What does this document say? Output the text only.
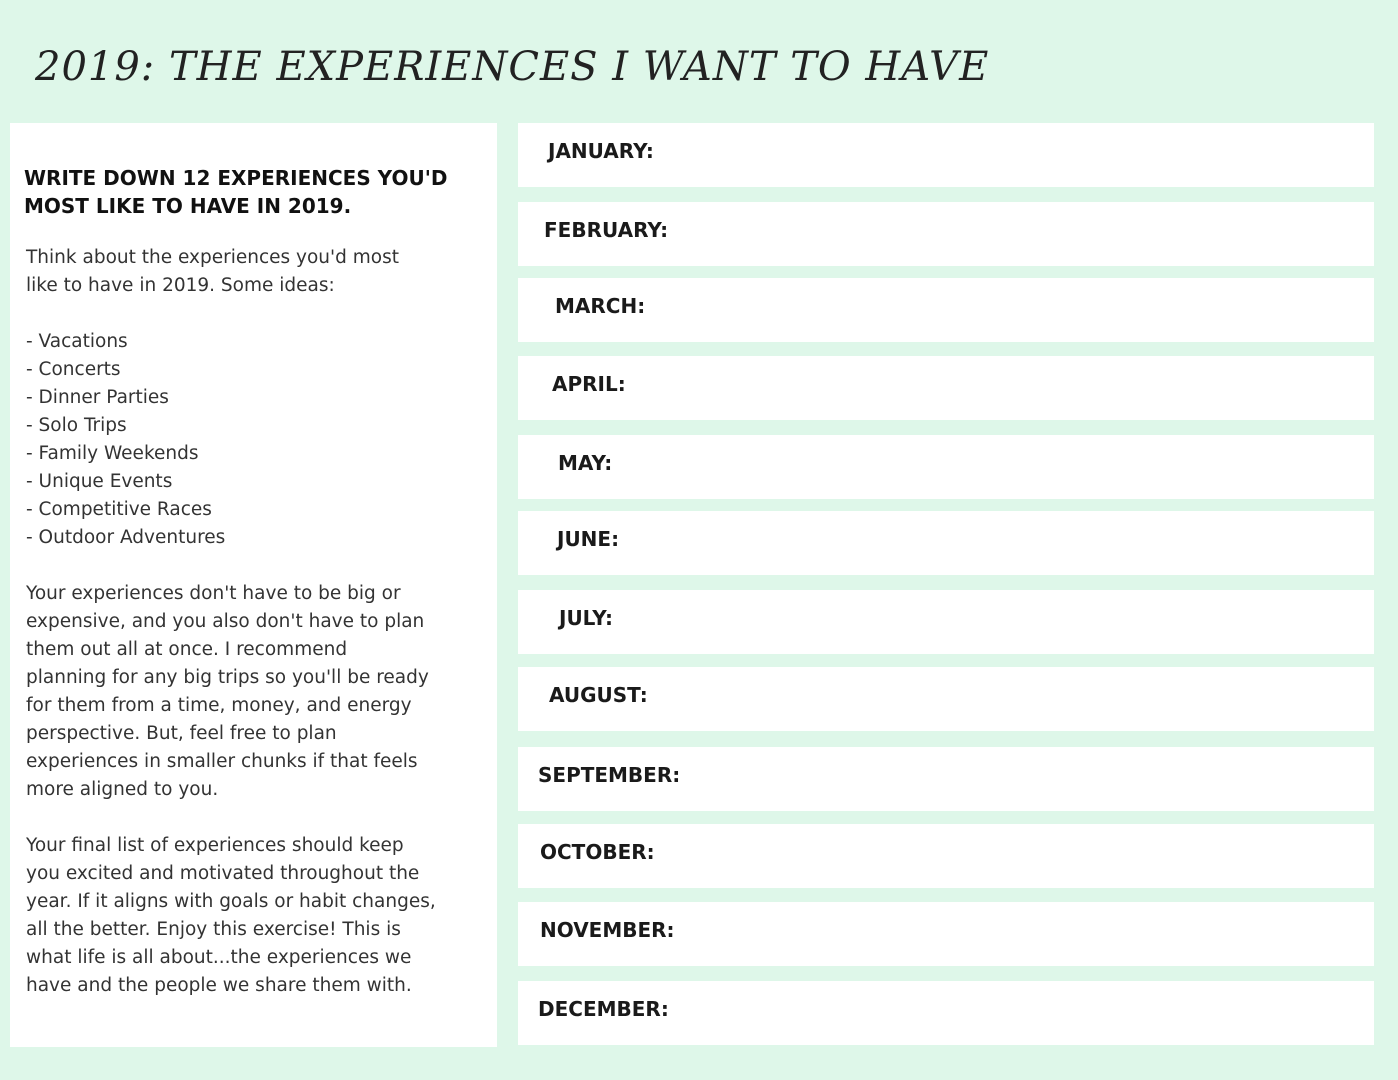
2019: THE EXPERIENCES I WANT TO HAVE
WRITE DOWN 12 EXPERIENCES YOU'D MOST LIKE TO HAVE IN 2019.

Think about the experiences you'd most

like to have in 2019. Some ideas:

- Vacations

- Concerts

- Dinner Parties

- Solo Trips

- Family Weekends

- Unique Events

- Competitive Races

- Outdoor Adventures

Your experiences don't have to be big or

expensive, and you also don't have to plan

them out all at once. I recommend

planning for any big trips so you'll be ready

for them from a time, money, and energy

perspective. But, feel free to plan

experiences in smaller chunks if that feels

more aligned to you.

Your final list of experiences should keep

you excited and motivated throughout the

year. If it aligns with goals or habit changes,

all the better. Enjoy this exercise! This is

what life is all about...the experiences we

have and the people we share them with.

JANUARY:
FEBRUARY:
MARCH:
APRIL:
MAY:
JUNE:
JULY:
AUGUST:
SEPTEMBER:
OCTOBER:
NOVEMBER:
DECEMBER:
